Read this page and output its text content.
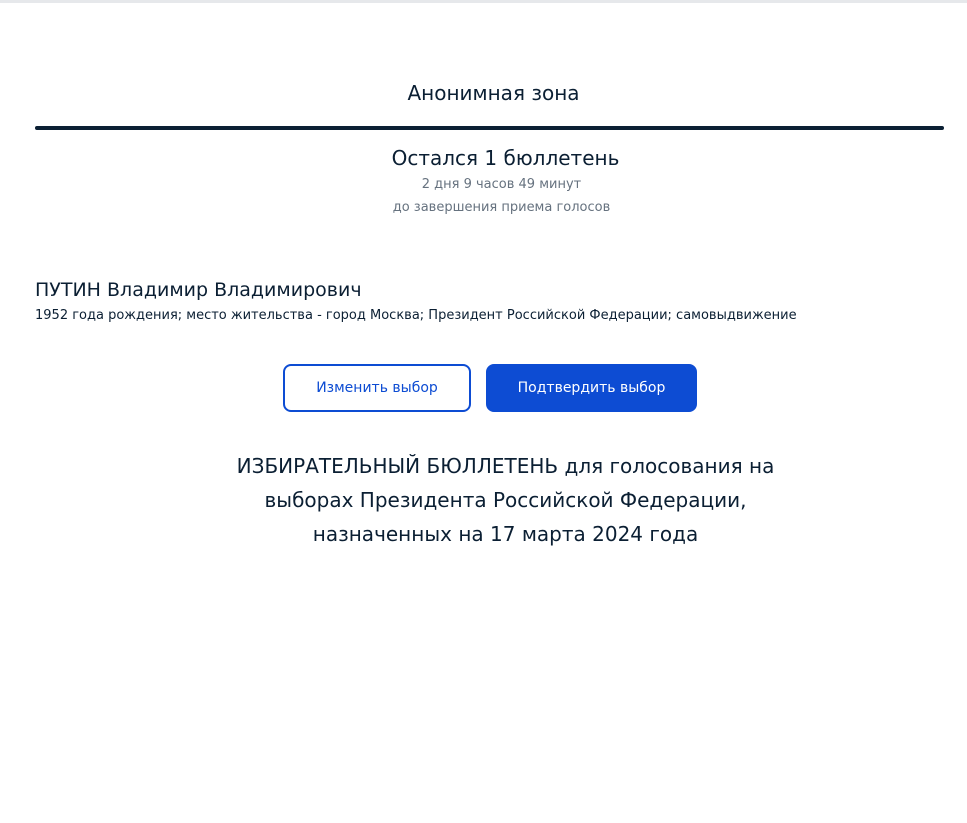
Анонимная зона
Остался 1 бюллетень
2 дня 9 часов 49 минут
до завершения приема голосов
ПУТИН Владимир Владимирович
1952 года рождения; место жительства - город Москва; Президент Российской Федерации; самовыдвижение
Изменить выбор	Подтвердить выбор
ИЗБИРАТЕЛЬНЫЙ БЮЛЛЕТЕНЬ для голосования на
выборах Президента Российской Федерации,
назначенных на 17 марта 2024 года
